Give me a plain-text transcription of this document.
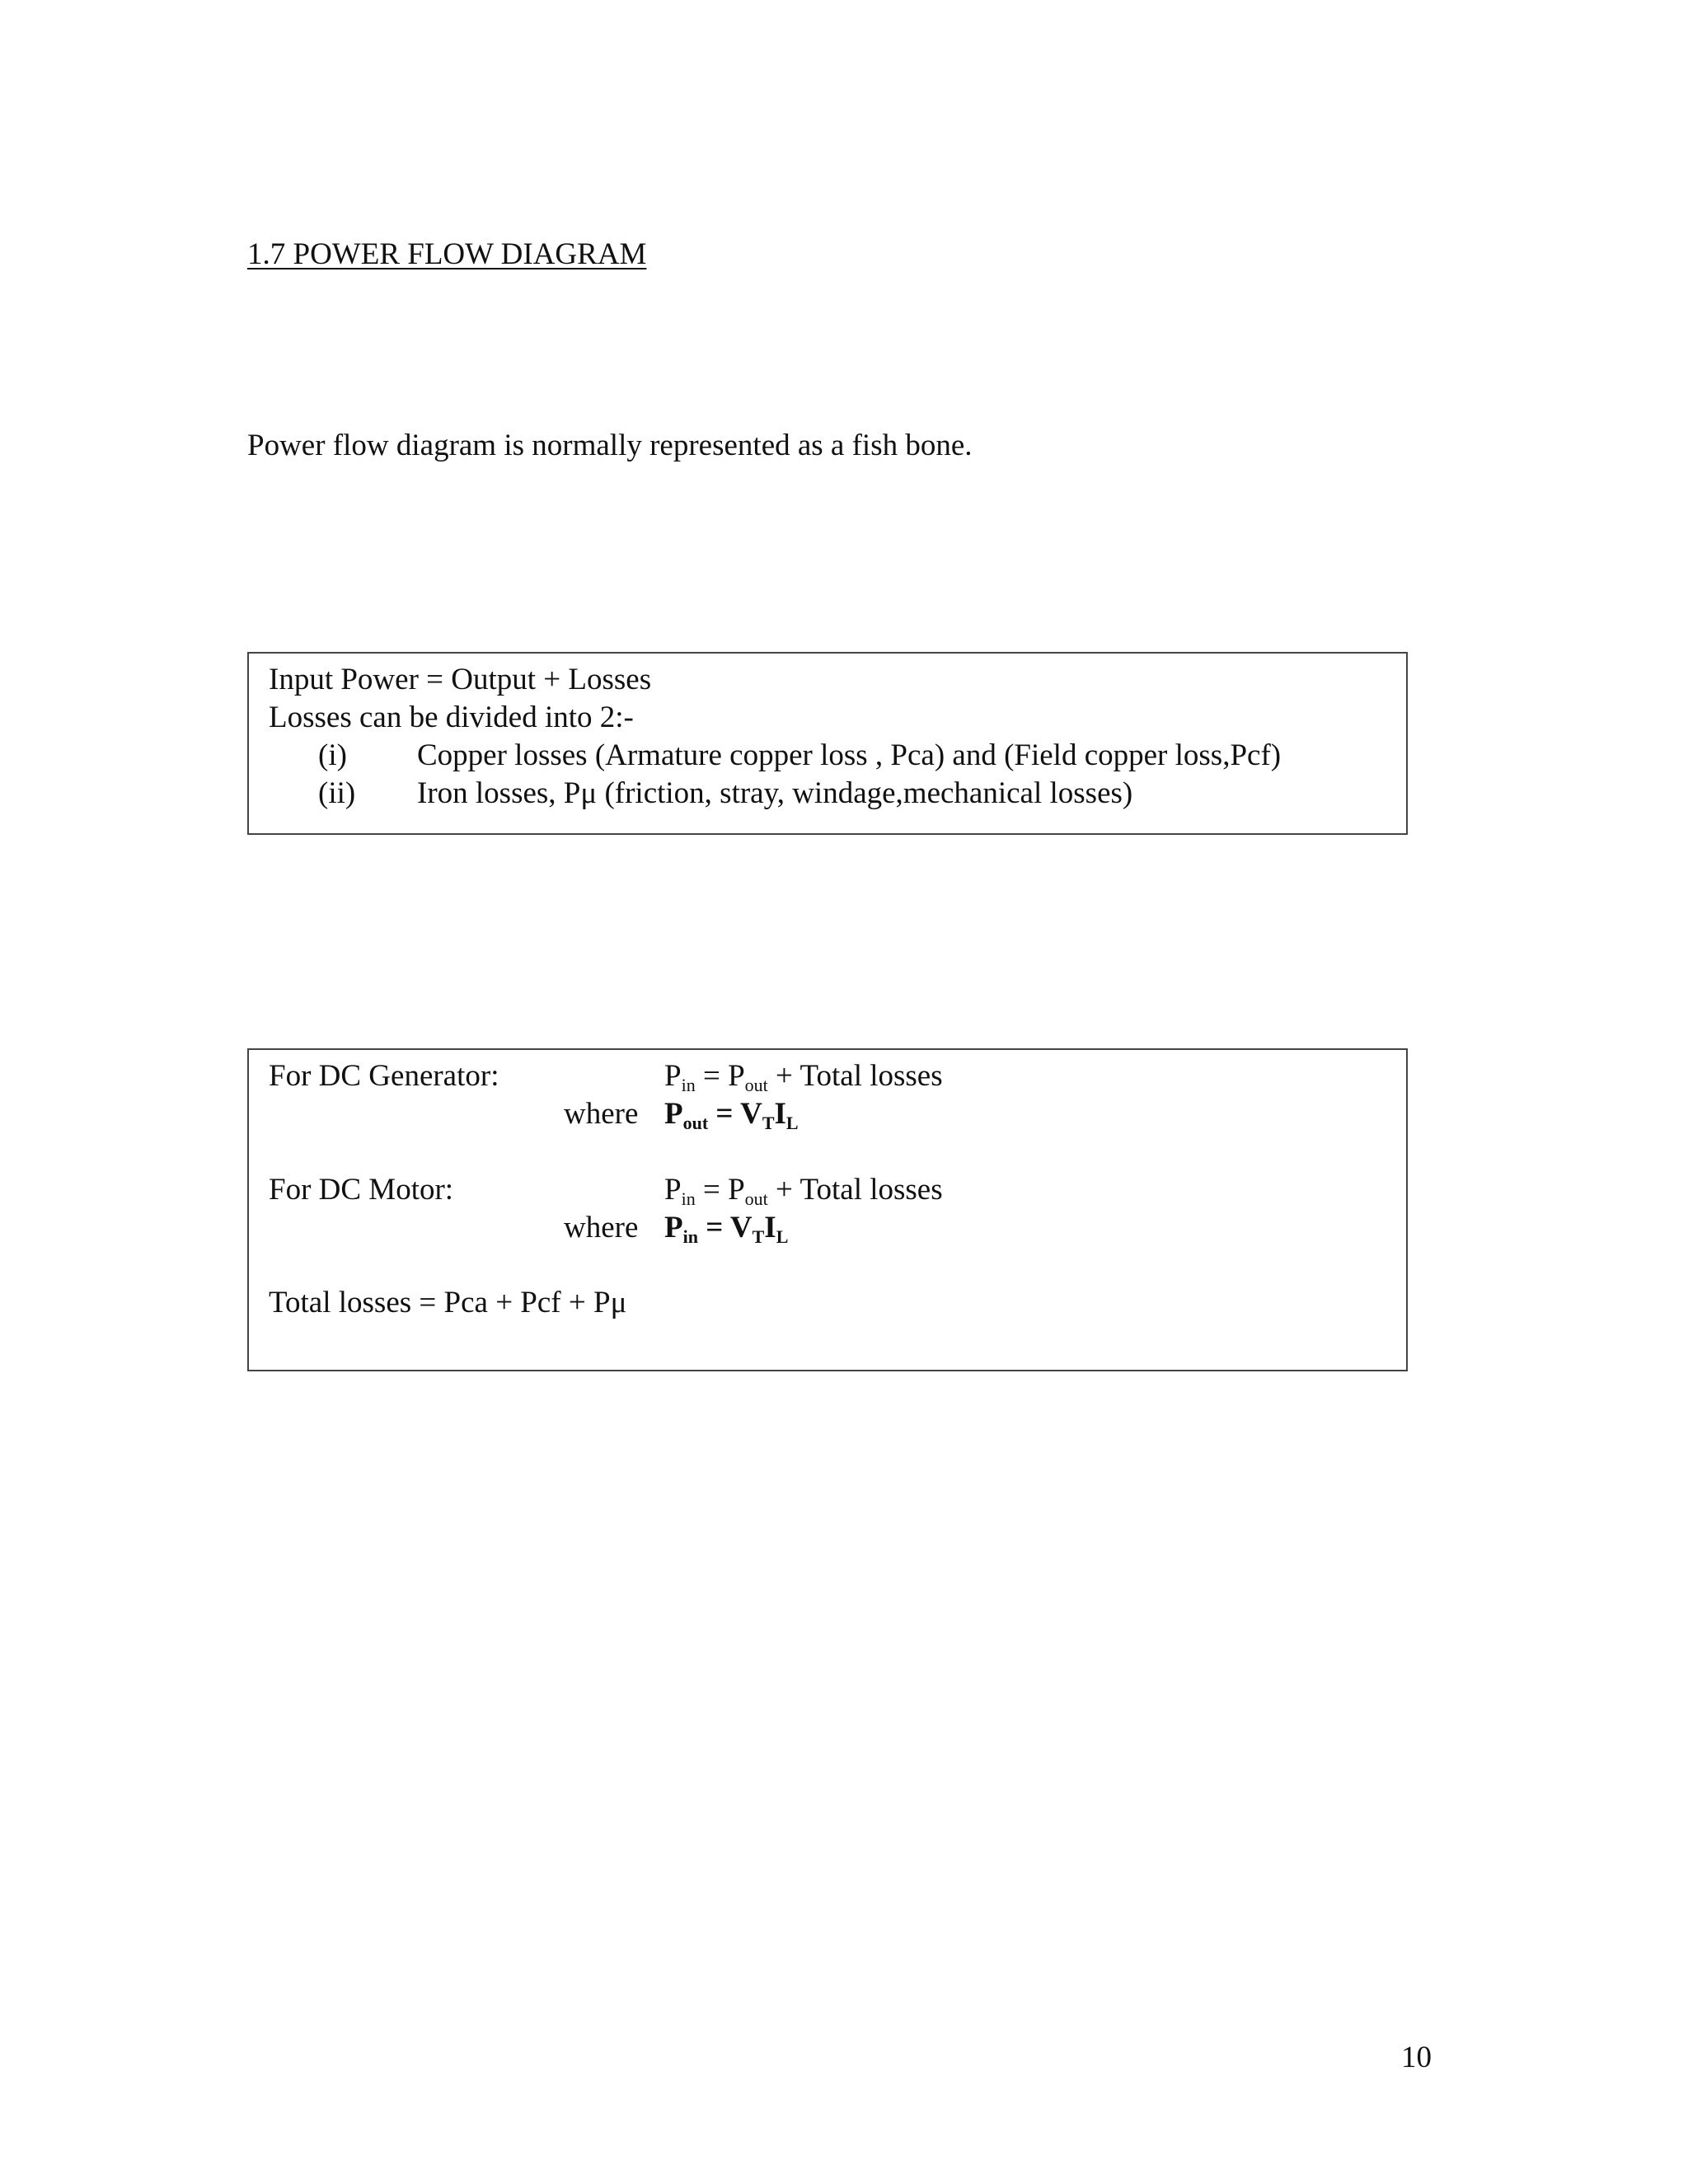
1.7 POWER FLOW DIAGRAM
Power flow diagram is normally represented as a fish bone.
Input Power = Output + Losses
Losses can be divided into 2:-
(i) Copper losses (Armature copper loss , Pca) and (Field copper loss,Pcf)
(ii) Iron losses, Pμ (friction, stray, windage,mechanical losses)
For DC Generator:	$P_{in} = P_{out}$ + Total losses
where $P_{out} = V_TI_L$
For DC Motor:	$P_{in} = P_{out}$ + Total losses
where $P_{in} = V_TI_L$
Total losses = Pca + Pcf + Pμ
10
